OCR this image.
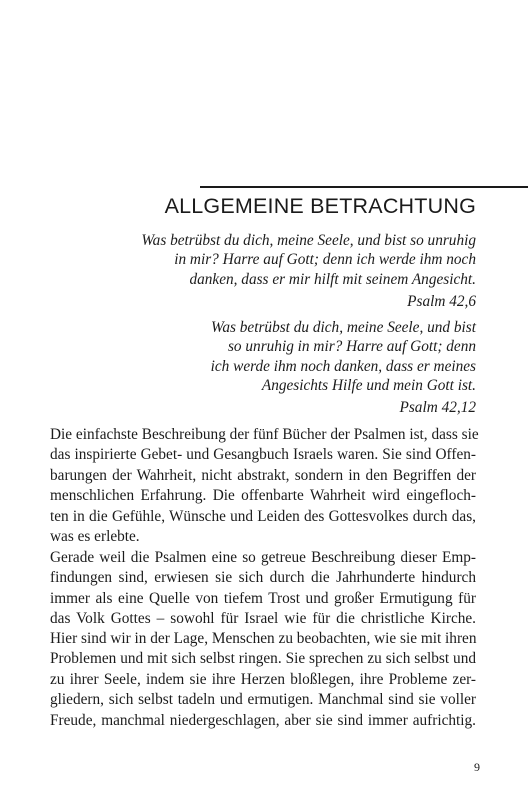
ALLGEMEINE BETRACHTUNG
Was betrübst du dich, meine Seele, und bist so unruhig
in mir? Harre auf Gott; denn ich werde ihm noch
danken, dass er mir hilft mit seinem Angesicht.
Psalm 42,6
Was betrübst du dich, meine Seele, und bist
so unruhig in mir? Harre auf Gott; denn
ich werde ihm noch danken, dass er meines
Angesichts Hilfe und mein Gott ist.
Psalm 42,12
Die einfachste Beschreibung der fünf Bücher der Psalmen ist, dass sie
das inspirierte Gebet- und Gesangbuch Israels waren. Sie sind Offen-
barungen der Wahrheit, nicht abstrakt, sondern in den Begriffen der
menschlichen Erfahrung. Die offenbarte Wahrheit wird eingefloch-
ten in die Gefühle, Wünsche und Leiden des Gottesvolkes durch das,
was es erlebte.
Gerade weil die Psalmen eine so getreue Beschreibung dieser Emp-
findungen sind, erwiesen sie sich durch die Jahrhunderte hindurch
immer als eine Quelle von tiefem Trost und großer Ermutigung für
das Volk Gottes – sowohl für Israel wie für die christliche Kirche.
Hier sind wir in der Lage, Menschen zu beobachten, wie sie mit ihren
Problemen und mit sich selbst ringen. Sie sprechen zu sich selbst und
zu ihrer Seele, indem sie ihre Herzen bloßlegen, ihre Probleme zer-
gliedern, sich selbst tadeln und ermutigen. Manchmal sind sie voller
Freude, manchmal niedergeschlagen, aber sie sind immer aufrichtig.
9
